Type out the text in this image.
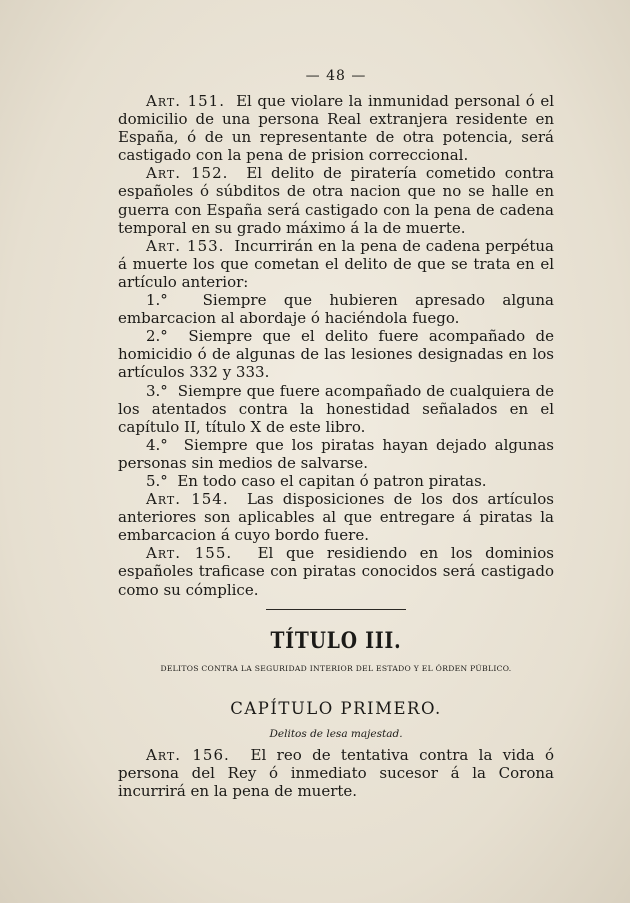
— 48 —

Art. 151. El que violare la inmunidad personal ó el domicilio de una persona Real extranjera residente en España, ó de un representante de otra potencia, será castigado con la pena de prision correccional.

Art. 152. El delito de piratería cometido contra españoles ó súbditos de otra nacion que no se halle en guerra con España será castigado con la pena de cadena temporal en su grado máximo á la de muerte.

Art. 153. Incurrirán en la pena de cadena perpétua á muerte los que cometan el delito de que se trata en el artículo anterior:

1.° Siempre que hubieren apresado alguna embarcacion al abordaje ó haciéndola fuego.

2.° Siempre que el delito fuere acompañado de homicidio ó de algunas de las lesiones designadas en los artículos 332 y 333.

3.° Siempre que fuere acompañado de cualquiera de los atentados contra la honestidad señalados en el capítulo II, título X de este libro.

4.° Siempre que los piratas hayan dejado algunas personas sin medios de salvarse.

5.° En todo caso el capitan ó patron piratas.

Art. 154. Las disposiciones de los dos artículos anteriores son aplicables al que entregare á piratas la embarcacion á cuyo bordo fuere.

Art. 155. El que residiendo en los dominios españoles traficase con piratas conocidos será castigado como su cómplice.

TÍTULO III.
DELITOS CONTRA LA SEGURIDAD INTERIOR DEL ESTADO Y EL ÓRDEN PÚBLICO.
CAPÍTULO PRIMERO.
Delitos de lesa majestad.

Art. 156. El reo de tentativa contra la vida ó persona del Rey ó inmediato sucesor á la Corona incurrirá en la pena de muerte.
